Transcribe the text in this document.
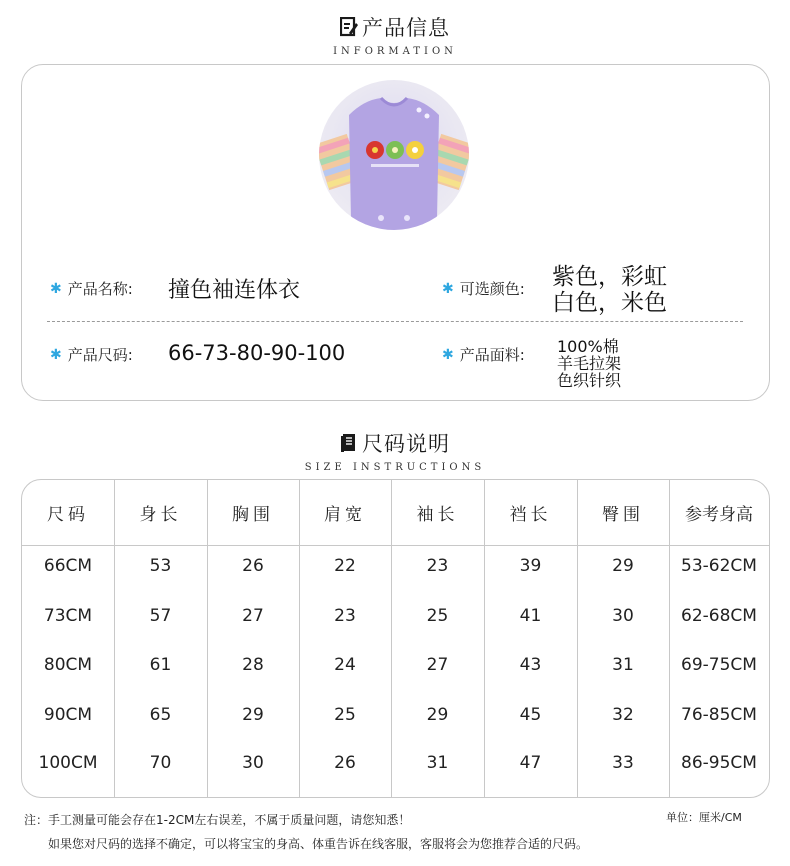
产品信息
INFORMATION
✱ 产品名称: 撞色袖连体衣	✱ 可选颜色: 紫色，彩虹
白色，米色
✱ 产品尺码: 66-73-80-90-100	✱ 产品面料: 100%棉
羊毛拉架
色织针织
尺码说明
SIZE INSTRUCTIONS
尺码	身长	胸围	肩宽	袖长	裆长	臀围	参考身高
66CM	53	26	22	23	39	29	53-62CM
73CM	57	27	23	25	41	30	62-68CM
80CM	61	28	24	27	43	31	69-75CM
90CM	65	29	25	29	45	32	76-85CM
100CM	70	30	26	31	47	33	86-95CM
单位：厘米/CM
注：手工测量可能会存在1-2CM左右误差，不属于质量问题，请您知悉！
如果您对尺码的选择不确定，可以将宝宝的身高、体重告诉在线客服，客服将会为您推荐合适的尺码。
